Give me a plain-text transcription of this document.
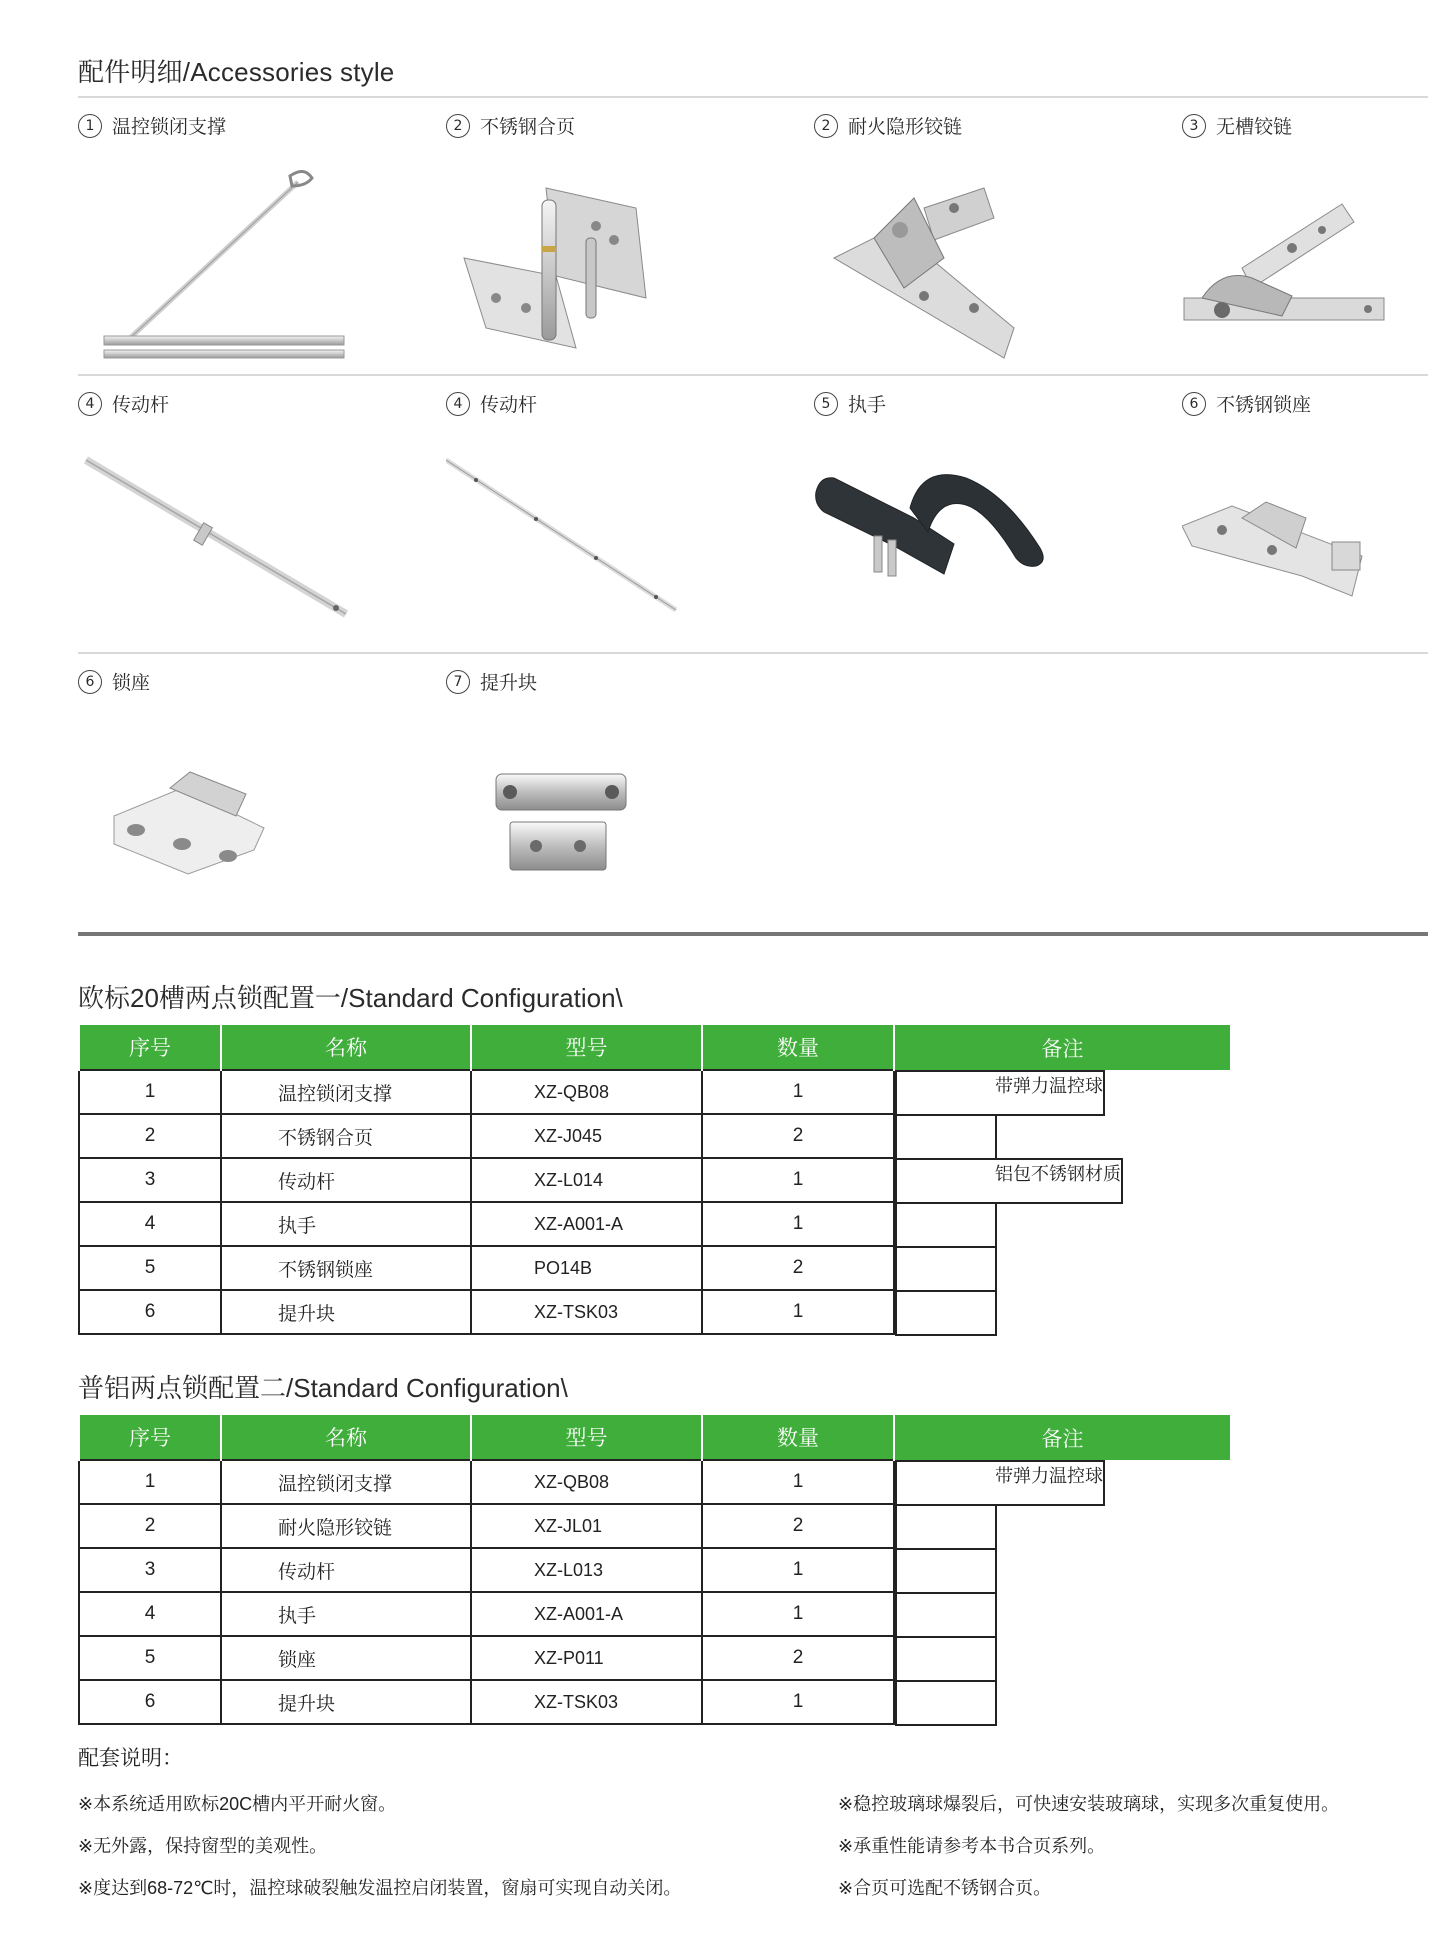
配件明细/Accessories style
1 温控锁闭支撑	2 不锈钢合页	2 耐火隐形铰链	3 无槽铰链
4 传动杆	4 传动杆	5 执手	6 不锈钢锁座
6 锁座	7 提升块
欧标20槽两点锁配置一/Standard Configuration\
序号	名称	型号	数量	备注
1	温控锁闭支撑	XZ-QB08	1		带弹力温控球

2	不锈钢合页	XZ-J045	2	

3	传动杆	XZ-L014	1		铝包不锈钢材质

4	执手	XZ-A001-A	1	

5	不锈钢锁座	PO14B	2	

6	提升块	XZ-TSK03	1	
普铝两点锁配置二/Standard Configuration\
序号	名称	型号	数量	备注
1	温控锁闭支撑	XZ-QB08	1		带弹力温控球

2	耐火隐形铰链	XZ-JL01	2	

3	传动杆	XZ-L013	1	

4	执手	XZ-A001-A	1	

5	锁座	XZ-P011	2	

6	提升块	XZ-TSK03	1	
配套说明：
※本系统适用欧标20C槽内平开耐火窗。
※无外露，保持窗型的美观性。
※度达到68-72℃时，温控球破裂触发温控启闭装置，窗扇可实现自动关闭。
※稳控玻璃球爆裂后，可快速安装玻璃球，实现多次重复使用。
※承重性能请参考本书合页系列。
※合页可选配不锈钢合页。
